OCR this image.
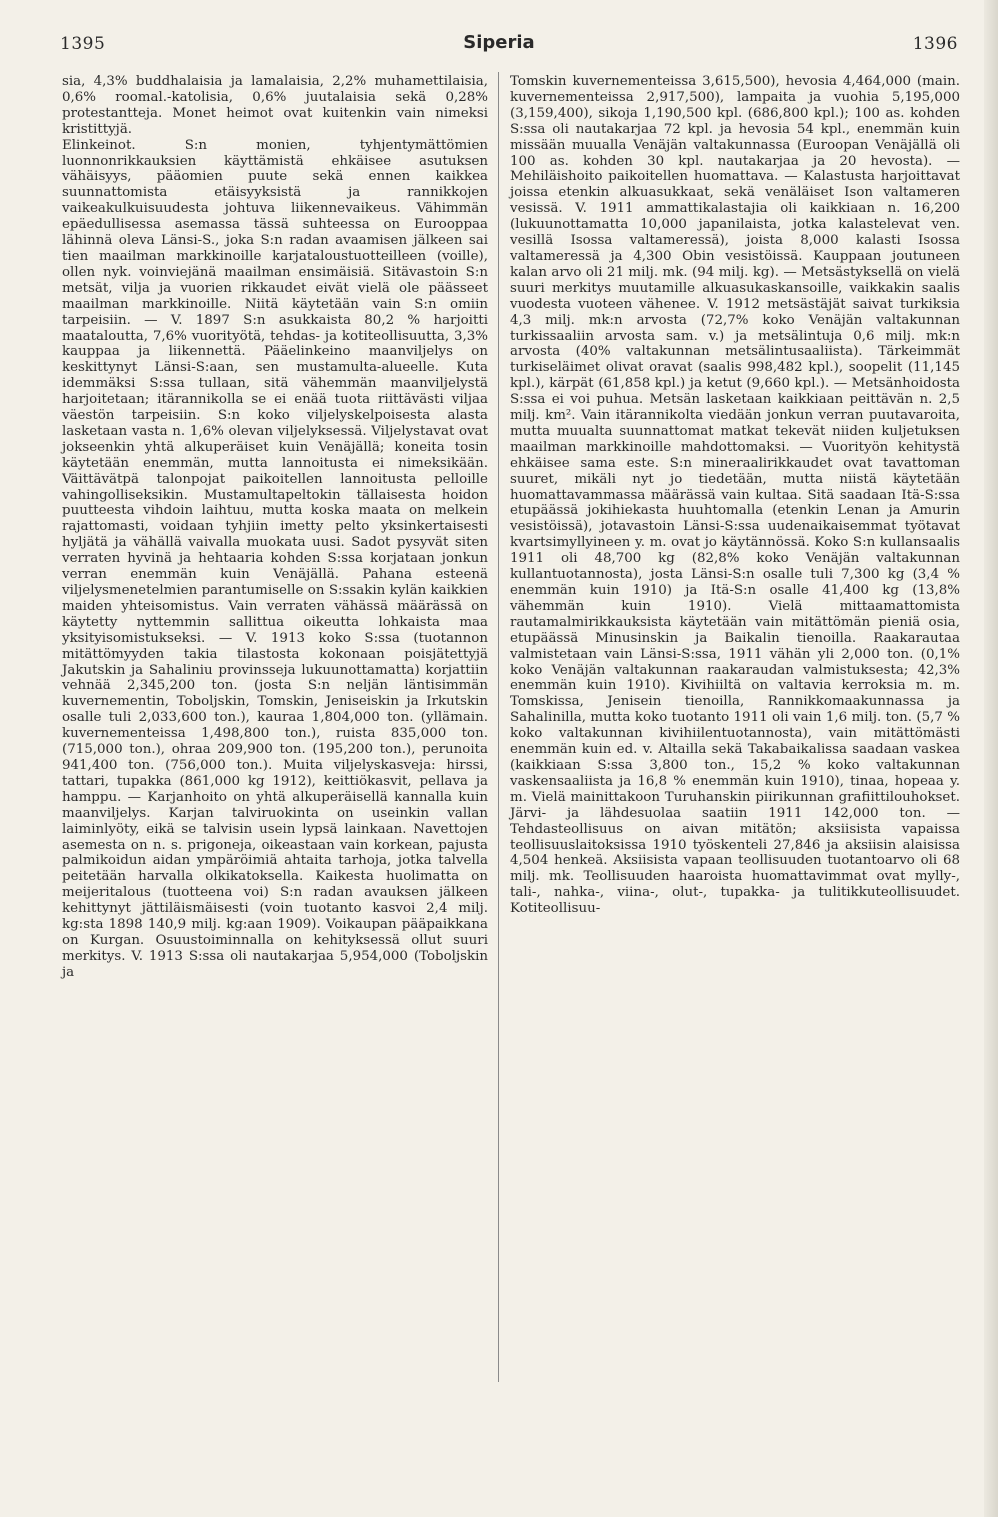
1395	Siperia	1396

sia, 4,3% buddhalaisia ja lamalaisia, 2,2% muhamettilaisia, 0,6% roomal.-katolisia, 0,6% juutalaisia sekä 0,28% protestantteja. Monet heimot ovat kuitenkin vain nimeksi kristittyjä.

Elinkeinot. S:n monien, tyhjentymättömien luonnonrikkauksien käyttämistä ehkäisee asutuksen vähäisyys, pääomien puute sekä ennen kaikkea suunnattomista etäisyyksistä ja rannikkojen vaikeakulkuisuudesta johtuva liikennevaikeus. Vähimmän epäedullisessa asemassa tässä suhteessa on Eurooppaa lähinnä oleva Länsi-S., joka S:n radan avaamisen jälkeen sai tien maailman markkinoille karjataloustuotteilleen (voille), ollen nyk. voinviejänä maailman ensimäisiä. Sitävastoin S:n metsät, vilja ja vuorien rikkaudet eivät vielä ole päässeet maailman markkinoille. Niitä käytetään vain S:n omiin tarpeisiin. — V. 1897 S:n asukkaista 80,2 % harjoitti maataloutta, 7,6% vuorityötä, tehdas- ja kotiteollisuutta, 3,3% kauppaa ja liikennettä. Pääelinkeino maanviljelys on keskittynyt Länsi-S:aan, sen mustamulta-alueelle. Kuta idemmäksi S:ssa tullaan, sitä vähemmän maanviljelystä harjoitetaan; itärannikolla se ei enää tuota riittävästi viljaa väestön tarpeisiin. S:n koko viljelyskelpoisesta alasta lasketaan vasta n. 1,6% olevan viljelyksessä. Viljelystavat ovat jokseenkin yhtä alkuperäiset kuin Venäjällä; koneita tosin käytetään enemmän, mutta lannoitusta ei nimeksikään. Väittävätpä talonpojat paikoitellen lannoitusta pelloille vahingolliseksikin. Mustamultapeltokin tällaisesta hoidon puutteesta vihdoin laihtuu, mutta koska maata on melkein rajattomasti, voidaan tyhjiin imetty pelto yksinkertaisesti hyljätä ja vähällä vaivalla muokata uusi. Sadot pysyvät siten verraten hyvinä ja hehtaaria kohden S:ssa korjataan jonkun verran enemmän kuin Venäjällä. Pahana esteenä viljelysmenetelmien parantumiselle on S:ssakin kylän kaikkien maiden yhteisomistus. Vain verraten vähässä määrässä on käytetty nyttemmin sallittua oikeutta lohkaista maa yksityisomistukseksi. — V. 1913 koko S:ssa (tuotannon mitättömyyden takia tilastosta kokonaan poisjätettyjä Jakutskin ja Sahaliniu provinsseja lukuunottamatta) korjattiin vehnää 2,345,200 ton. (josta S:n neljän läntisimmän kuvernementin, Toboljskin, Tomskin, Jeniseiskin ja Irkutskin osalle tuli 2,033,600 ton.), kauraa 1,804,000 ton. (yllämain. kuvernementeissa 1,498,800 ton.), ruista 835,000 ton. (715,000 ton.), ohraa 209,900 ton. (195,200 ton.), perunoita 941,400 ton. (756,000 ton.). Muita viljelyskasveja: hirssi, tattari, tupakka (861,000 kg 1912), keittiökasvit, pellava ja hamppu. — Karjanhoito on yhtä alkuperäisellä kannalla kuin maanviljelys. Karjan talviruokinta on useinkin vallan laiminlyöty, eikä se talvisin usein lypsä lainkaan. Navettojen asemesta on n. s. prigoneja, oikeastaan vain korkean, pajusta palmikoidun aidan ympäröimiä ahtaita tarhoja, jotka talvella peitetään harvalla olkikatoksella. Kaikesta huolimatta on meijeritalous (tuotteena voi) S:n radan avauksen jälkeen kehittynyt jättiläismäisesti (voin tuotanto kasvoi 2,4 milj. kg:sta 1898 140,9 milj. kg:aan 1909). Voikaupan pääpaikkana on Kurgan. Osuustoiminnalla on kehityksessä ollut suuri merkitys. V. 1913 S:ssa oli nautakarjaa 5,954,000 (Toboljskin ja

Tomskin kuvernementeissa 3,615,500), hevosia 4,464,000 (main. kuvernementeissa 2,917,500), lampaita ja vuohia 5,195,000 (3,159,400), sikoja 1,190,500 kpl. (686,800 kpl.); 100 as. kohden S:ssa oli nautakarjaa 72 kpl. ja hevosia 54 kpl., enemmän kuin missään muualla Venäjän valtakunnassa (Euroopan Venäjällä oli 100 as. kohden 30 kpl. nautakarjaa ja 20 hevosta). — Mehiläishoito paikoitellen huomattava. — Kalastusta harjoittavat joissa etenkin alkuasukkaat, sekä venäläiset Ison valtameren vesissä. V. 1911 ammattikalastajia oli kaikkiaan n. 16,200 (lukuunottamatta 10,000 japanilaista, jotka kalastelevat ven. vesillä Isossa valtameressä), joista 8,000 kalasti Isossa valtameressä ja 4,300 Obin vesistöissä. Kauppaan joutuneen kalan arvo oli 21 milj. mk. (94 milj. kg). — Metsästyksellä on vielä suuri merkitys muutamille alkuasukaskansoille, vaikkakin saalis vuodesta vuoteen vähenee. V. 1912 metsästäjät saivat turkiksia 4,3 milj. mk:n arvosta (72,7% koko Venäjän valtakunnan turkissaaliin arvosta sam. v.) ja metsälintuja 0,6 milj. mk:n arvosta (40% valtakunnan metsälintusaaliista). Tärkeimmät turkiseläimet olivat oravat (saalis 998,482 kpl.), soopelit (11,145 kpl.), kärpät (61,858 kpl.) ja ketut (9,660 kpl.). — Metsänhoidosta S:ssa ei voi puhua. Metsän lasketaan kaikkiaan peittävän n. 2,5 milj. km². Vain itärannikolta viedään jonkun verran puutavaroita, mutta muualta suunnattomat matkat tekevät niiden kuljetuksen maailman markkinoille mahdottomaksi. — Vuorityön kehitystä ehkäisee sama este. S:n mineraalirikkaudet ovat tavattoman suuret, mikäli nyt jo tiedetään, mutta niistä käytetään huomattavammassa määrässä vain kultaa. Sitä saadaan Itä-S:ssa etupäässä jokihiekasta huuhtomalla (etenkin Lenan ja Amurin vesistöissä), jotavastoin Länsi-S:ssa uudenaikaisemmat työtavat kvartsimyllyineen y. m. ovat jo käytännössä. Koko S:n kullansaalis 1911 oli 48,700 kg (82,8% koko Venäjän valtakunnan kullantuotannosta), josta Länsi-S:n osalle tuli 7,300 kg (3,4 % enemmän kuin 1910) ja Itä-S:n osalle 41,400 kg (13,8% vähemmän kuin 1910). Vielä mittaamattomista rautamalmirikkauksista käytetään vain mitättömän pieniä osia, etupäässä Minusinskin ja Baikalin tienoilla. Raakarautaa valmistetaan vain Länsi-S:ssa, 1911 vähän yli 2,000 ton. (0,1% koko Venäjän valtakunnan raakaraudan valmistuksesta; 42,3% enemmän kuin 1910). Kivihiiltä on valtavia kerroksia m. m. Tomskissa, Jenisein tienoilla, Rannikkomaakunnassa ja Sahalinilla, mutta koko tuotanto 1911 oli vain 1,6 milj. ton. (5,7 % koko valtakunnan kivihiilentuotannosta), vain mitättömästi enemmän kuin ed. v. Altailla sekä Takabaikalissa saadaan vaskea (kaikkiaan S:ssa 3,800 ton., 15,2 % koko valtakunnan vaskensaaliista ja 16,8 % enemmän kuin 1910), tinaa, hopeaa y. m. Vielä mainittakoon Turuhanskin piirikunnan grafiittilouhokset. Järvi- ja lähdesuolaa saatiin 1911 142,000 ton. — Tehdasteollisuus on aivan mitätön; aksiisista vapaissa teollisuuslaitoksissa 1910 työskenteli 27,846 ja aksiisin alaisissa 4,504 henkeä. Aksiisista vapaan teollisuuden tuotantoarvo oli 68 milj. mk. Teollisuuden haaroista huomattavimmat ovat mylly-, tali-, nahka-, viina-, olut-, tupakka- ja tulitikkuteollisuudet. Kotiteollisuu-
